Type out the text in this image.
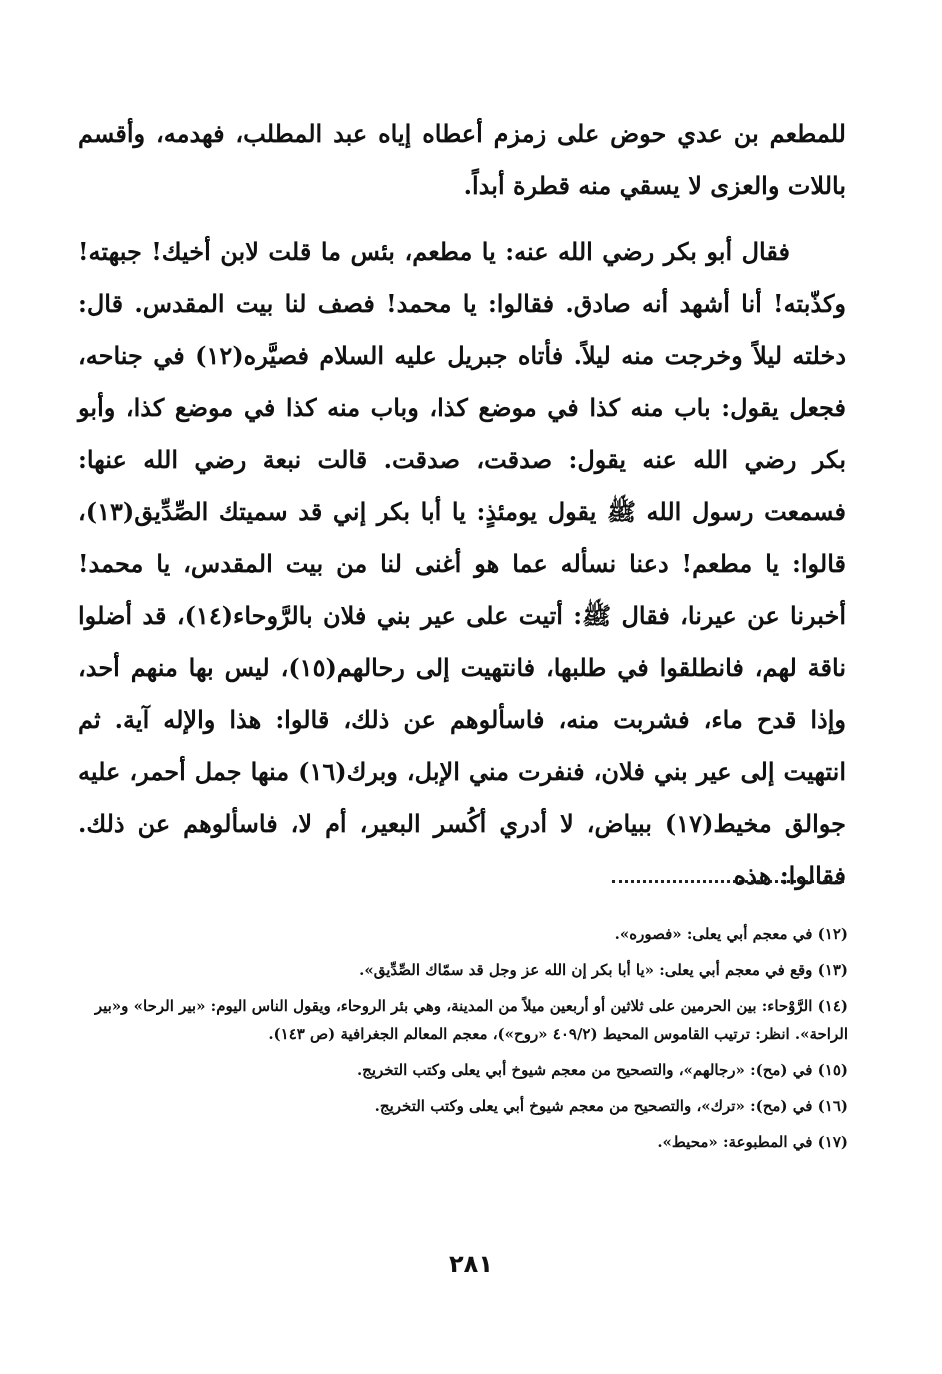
للمطعم بن عدي حوض على زمزم أعطاه إياه عبد المطلب، فهدمه، وأقسم باللات والعزى لا يسقي منه قطرة أبداً.

فقال أبو بكر رضي الله عنه: يا مطعم، بئس ما قلت لابن أخيك! جبهته! وكذّبته! أنا أشهد أنه صادق. فقالوا: يا محمد! فصف لنا بيت المقدس. قال: دخلته ليلاً وخرجت منه ليلاً. فأتاه جبريل عليه السلام فصيَّره(١٢) في جناحه، فجعل يقول: باب منه كذا في موضع كذا، وباب منه كذا في موضع كذا، وأبو بكر رضي الله عنه يقول: صدقت، صدقت. قالت نبعة رضي الله عنها: فسمعت رسول الله ﷺ يقول يومئذٍ: يا أبا بكر إني قد سميتك الصِّدِّيق(١٣)، قالوا: يا مطعم! دعنا نسأله عما هو أغنى لنا من بيت المقدس، يا محمد! أخبرنا عن عيرنا، فقال ﷺ: أتيت على عير بني فلان بالرَّوحاء(١٤)، قد أضلوا ناقة لهم، فانطلقوا في طلبها، فانتهيت إلى رحالهم(١٥)، ليس بها منهم أحد، وإذا قدح ماء، فشربت منه، فاسألوهم عن ذلك، قالوا: هذا والإله آية. ثم انتهيت إلى عير بني فلان، فنفرت مني الإبل، وبرك(١٦) منها جمل أحمر، عليه جوالق مخيط(١٧) ببياض، لا أدري أكُسر البعير، أم لا، فاسألوهم عن ذلك. فقالوا: هذه

(١٢) في معجم أبي يعلى: «فصوره».

(١٣) وقع في معجم أبي يعلى: «يا أبا بكر إن الله عز وجل قد سمّاك الصِّدِّيق».

(١٤) الرَّوْحاء: بين الحرمين على ثلاثين أو أربعين ميلاً من المدينة، وهي بئر الروحاء، ويقول الناس اليوم: «بير الرحا» و«بير الراحة». انظر: ترتيب القاموس المحيط (٤٠٩/٢ «روح»)، معجم المعالم الجغرافية (ص ١٤٣).

(١٥) في (مح): «رجالهم»، والتصحيح من معجم شيوخ أبي يعلى وكتب التخريج.

(١٦) في (مح): «ترك»، والتصحيح من معجم شيوخ أبي يعلى وكتب التخريج.

(١٧) في المطبوعة: «محيط».

٢٨١
